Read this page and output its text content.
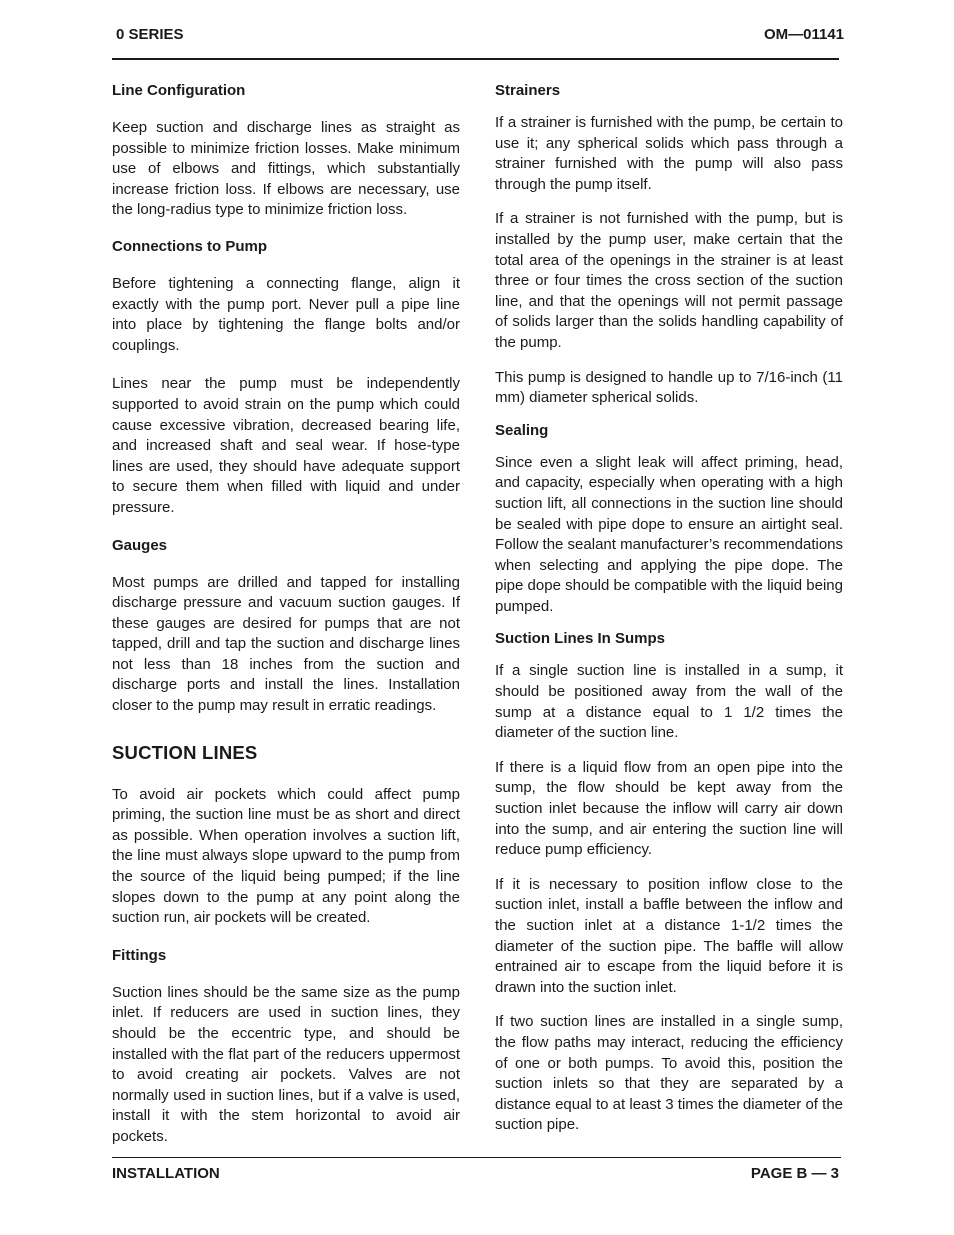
0 SERIES	OM—01141
Line Configuration

Keep suction and discharge lines as straight as possible to minimize friction losses. Make minimum use of elbows and fittings, which substantially increase friction loss. If elbows are necessary, use the long-radius type to minimize friction loss.

Connections to Pump

Before tightening a connecting flange, align it exactly with the pump port. Never pull a pipe line into place by tightening the flange bolts and/or couplings.

Lines near the pump must be independently supported to avoid strain on the pump which could cause excessive vibration, decreased bearing life, and increased shaft and seal wear. If hose-type lines are used, they should have adequate support to secure them when filled with liquid and under pressure.

Gauges

Most pumps are drilled and tapped for installing discharge pressure and vacuum suction gauges. If these gauges are desired for pumps that are not tapped, drill and tap the suction and discharge lines not less than 18 inches from the suction and discharge ports and install the lines. Installation closer to the pump may result in erratic readings.

SUCTION LINES

To avoid air pockets which could affect pump priming, the suction line must be as short and direct as possible. When operation involves a suction lift, the line must always slope upward to the pump from the source of the liquid being pumped; if the line slopes down to the pump at any point along the suction run, air pockets will be created.

Fittings

Suction lines should be the same size as the pump inlet. If reducers are used in suction lines, they should be the eccentric type, and should be installed with the flat part of the reducers uppermost to avoid creating air pockets. Valves are not normally used in suction lines, but if a valve is used, install it with the stem horizontal to avoid air pockets.

Strainers

If a strainer is furnished with the pump, be certain to use it; any spherical solids which pass through a strainer furnished with the pump will also pass through the pump itself.

If a strainer is not furnished with the pump, but is installed by the pump user, make certain that the total area of the openings in the strainer is at least three or four times the cross section of the suction line, and that the openings will not permit passage of solids larger than the solids handling capability of the pump.

This pump is designed to handle up to 7/16-inch (11 mm) diameter spherical solids.

Sealing

Since even a slight leak will affect priming, head, and capacity, especially when operating with a high suction lift, all connections in the suction line should be sealed with pipe dope to ensure an airtight seal. Follow the sealant manufacturer’s recommendations when selecting and applying the pipe dope. The pipe dope should be compatible with the liquid being pumped.

Suction Lines In Sumps

If a single suction line is installed in a sump, it should be positioned away from the wall of the sump at a distance equal to 1 1/2 times the diameter of the suction line.

If there is a liquid flow from an open pipe into the sump, the flow should be kept away from the suction inlet because the inflow will carry air down into the sump, and air entering the suction line will reduce pump efficiency.

If it is necessary to position inflow close to the suction inlet, install a baffle between the inflow and the suction inlet at a distance 1-1/2 times the diameter of the suction pipe. The baffle will allow entrained air to escape from the liquid before it is drawn into the suction inlet.

If two suction lines are installed in a single sump, the flow paths may interact, reducing the efficiency of one or both pumps. To avoid this, position the suction inlets so that they are separated by a distance equal to at least 3 times the diameter of the suction pipe.

INSTALLATION	PAGE B — 3
